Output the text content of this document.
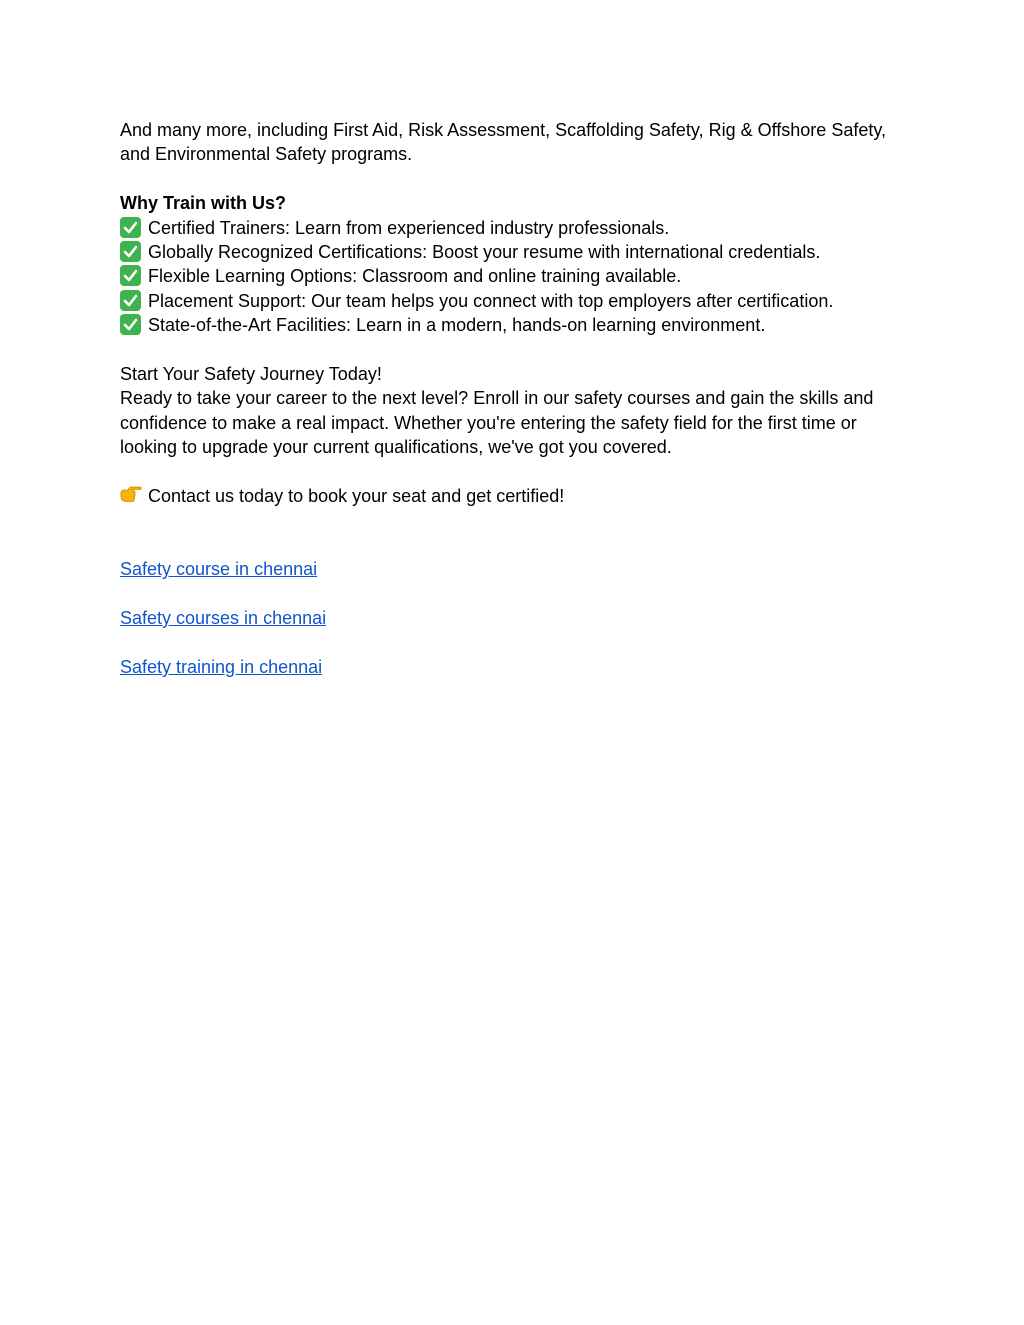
And many more, including First Aid, Risk Assessment, Scaffolding Safety, Rig & Offshore Safety, and Environmental Safety programs.

Why Train with Us?

Certified Trainers: Learn from experienced industry professionals.
Globally Recognized Certifications: Boost your resume with international credentials.
Flexible Learning Options: Classroom and online training available.
Placement Support: Our team helps you connect with top employers after certification.
State-of-the-Art Facilities: Learn in a modern, hands-on learning environment.

Start Your Safety Journey Today!

Ready to take your career to the next level? Enroll in our safety courses and gain the skills and confidence to make a real impact. Whether you're entering the safety field for the first time or looking to upgrade your current qualifications, we've got you covered.

Contact us today to book your seat and get certified!

Safety course in chennai
Safety courses in chennai
Safety training in chennai
